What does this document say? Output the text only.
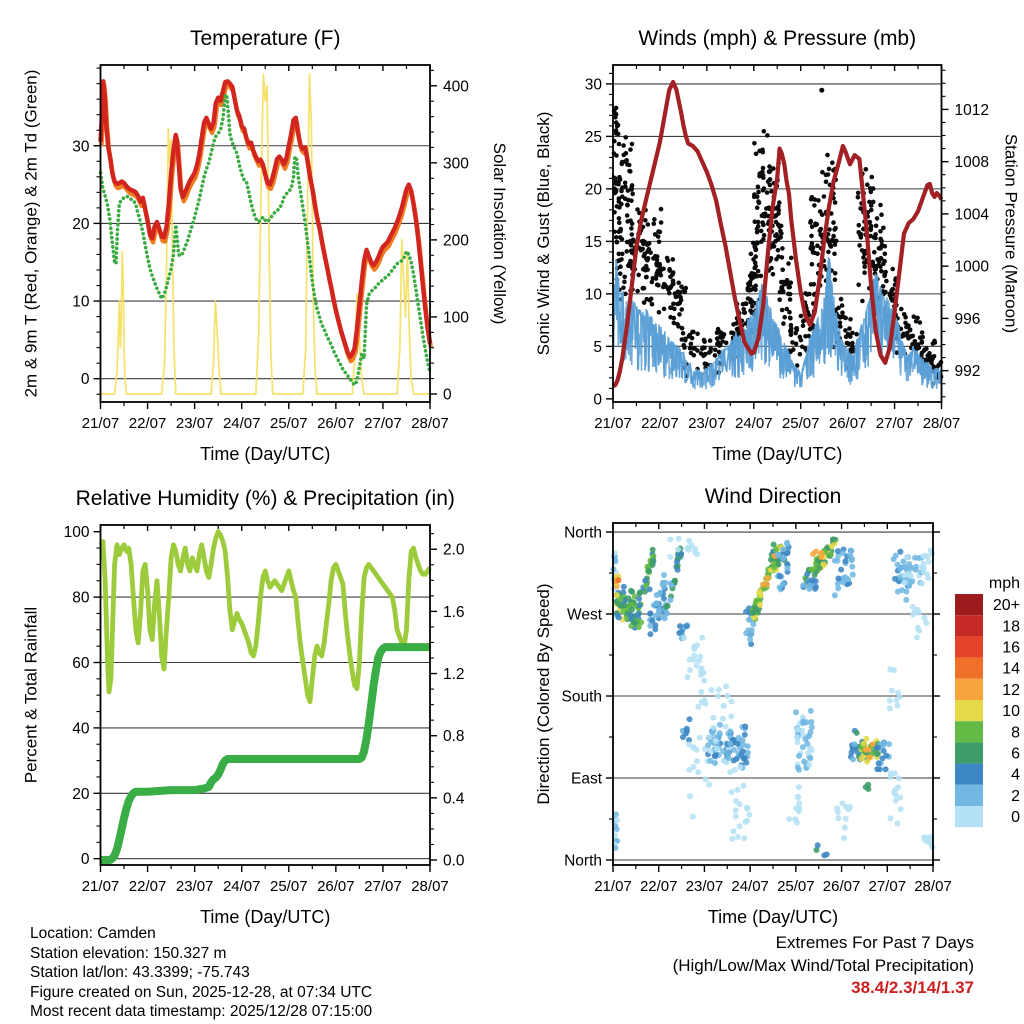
21/07 22/07 23/07 24/07 25/07 26/07 27/07 28/07
0
10
20
30
0
100
200
300
400
Temperature (F)
Time (Day/UTC)
2m & 9m T (Red, Orange) & 2m Td (Green)	Solar Insolation (Yellow)
21/07 22/07 23/07 24/07 25/07 26/07 27/07 28/07
0
5
10
15
20
25
30
992
996
1000
1004
1008
1012
Winds (mph) & Pressure (mb)
Time (Day/UTC)
Sonic Wind & Gust (Blue, Black)	Station Pressure (Maroon)
21/07 22/07 23/07 24/07 25/07 26/07 27/07 28/07
0
20
40
60
80
100
0.0
0.4
0.8
1.2
1.6
2.0
Relative Humidity (%) & Precipitation (in)
Time (Day/UTC)
Percent & Total Rainfall
21/07 22/07 23/07 24/07 25/07 26/07 27/07 28/07
North
West
South
East
North
Wind Direction
Time (Day/UTC)
Direction (Colored By Speed)	mph
20+
18
16
14
12
10
8
6
4
2
0
Location: Camden
Station elevation: 150.327 m
Station lat/lon: 43.3399; -75.743
Figure created on Sun, 2025-12-28, at 07:34 UTC
Most recent data timestamp: 2025/12/28 07:15:00
Extremes For Past 7 Days
(High/Low/Max Wind/Total Precipitation)
38.4/2.3/14/1.37
